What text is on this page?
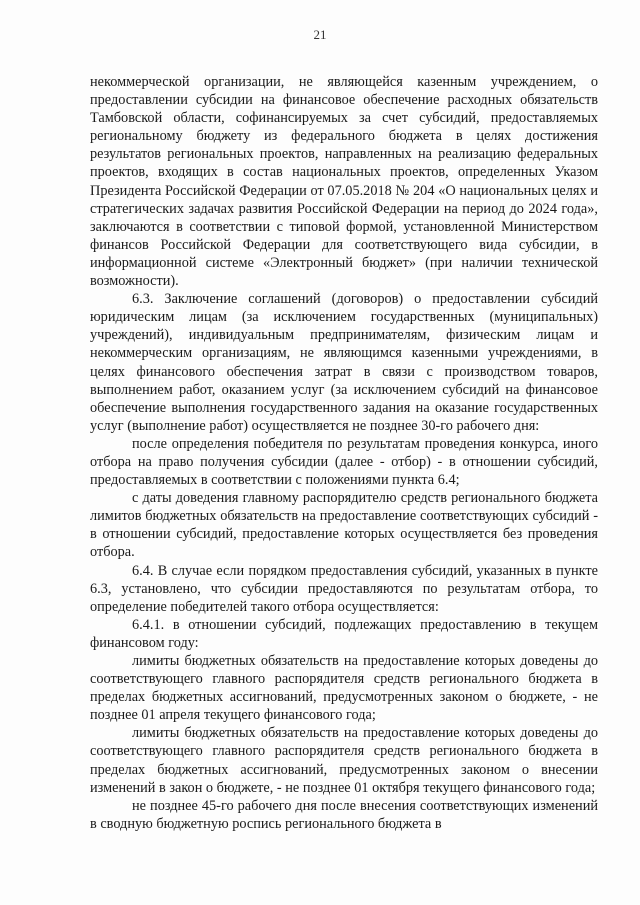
21

некоммерческой организации, не являющейся казенным учреждением, о предоставлении субсидии на финансовое обеспечение расходных обязательств Тамбовской области, софинансируемых за счет субсидий, предоставляемых региональному бюджету из федерального бюджета в целях достижения результатов региональных проектов, направленных на реализацию федеральных проектов, входящих в состав национальных проектов, определенных Указом Президента Российской Федерации от 07.05.2018 № 204 «О национальных целях и стратегических задачах развития Российской Федерации на период до 2024 года», заключаются в соответствии с типовой формой, установленной Министерством финансов Российской Федерации для соответствующего вида субсидии, в информационной системе «Электронный бюджет» (при наличии технической возможности).

6.3. Заключение соглашений (договоров) о предоставлении субсидий юридическим лицам (за исключением государственных (муниципальных) учреждений), индивидуальным предпринимателям, физическим лицам и некоммерческим организациям, не являющимся казенными учреждениями, в целях финансового обеспечения затрат в связи с производством товаров, выполнением работ, оказанием услуг (за исключением субсидий на финансовое обеспечение выполнения государственного задания на оказание государственных услуг (выполнение работ) осуществляется не позднее 30-го рабочего дня:

после определения победителя по результатам проведения конкурса, иного отбора на право получения субсидии (далее - отбор) - в отношении субсидий, предоставляемых в соответствии с положениями пункта 6.4;

с даты доведения главному распорядителю средств регионального бюджета лимитов бюджетных обязательств на предоставление соответствующих субсидий - в отношении субсидий, предоставление которых осуществляется без проведения отбора.

6.4. В случае если порядком предоставления субсидий, указанных в пункте 6.3, установлено, что субсидии предоставляются по результатам отбора, то определение победителей такого отбора осуществляется:

6.4.1. в отношении субсидий, подлежащих предоставлению в текущем финансовом году:

лимиты бюджетных обязательств на предоставление которых доведены до соответствующего главного распорядителя средств регионального бюджета в пределах бюджетных ассигнований, предусмотренных законом о бюджете, - не позднее 01 апреля текущего финансового года;

лимиты бюджетных обязательств на предоставление которых доведены до соответствующего главного распорядителя средств регионального бюджета в пределах бюджетных ассигнований, предусмотренных законом о внесении изменений в закон о бюджете, - не позднее 01 октября текущего финансового года;

не позднее 45-го рабочего дня после внесения соответствующих изменений в сводную бюджетную роспись регионального бюджета в
